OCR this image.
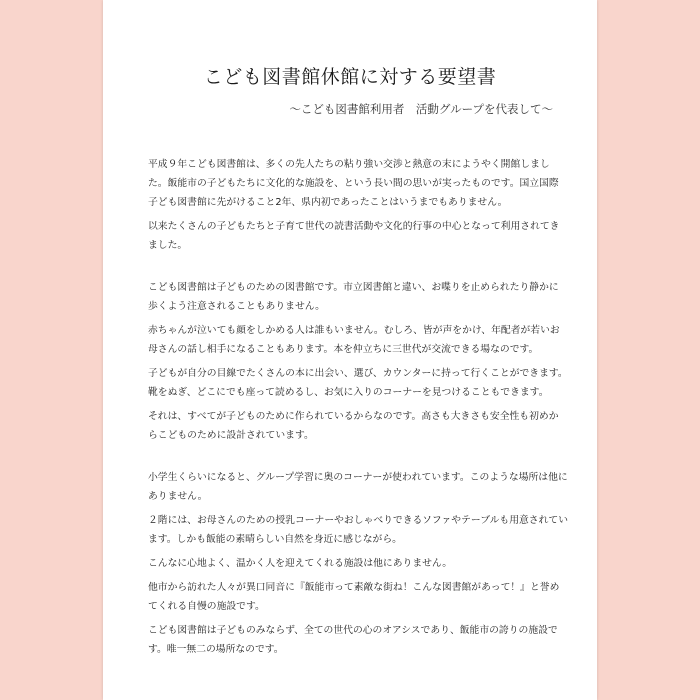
こども図書館休館に対する要望書

～こども図書館利用者　活動グループを代表して～

平成９年こども図書館は、多くの先人たちの粘り強い交渉と熱意の末にようやく開館しました。飯能市の子どもたちに文化的な施設を、という長い間の思いが実ったものです。国立国際子ども図書館に先がけること2年、県内初であったことはいうまでもありません。

以来たくさんの子どもたちと子育て世代の読書活動や文化的行事の中心となって利用されてきました。

こども図書館は子どものための図書館です。市立図書館と違い、お喋りを止められたり静かに歩くよう注意されることもありません。

赤ちゃんが泣いても顔をしかめる人は誰もいません。むしろ、皆が声をかけ、年配者が若いお母さんの話し相手になることもあります。本を仲立ちに三世代が交流できる場なのです。

子どもが自分の目線でたくさんの本に出会い、選び、カウンターに持って行くことができます。靴をぬぎ、どこにでも座って読めるし、お気に入りのコーナーを見つけることもできます。

それは、すべてが子どものために作られているからなのです。高さも大きさも安全性も初めからこどものために設計されています。

小学生くらいになると、グループ学習に奥のコーナーが使われています。このような場所は他にありません。

２階には、お母さんのための授乳コーナーやおしゃべりできるソファやテーブルも用意されています。しかも飯能の素晴らしい自然を身近に感じながら。

こんなに心地よく、温かく人を迎えてくれる施設は他にありません。

他市から訪れた人々が異口同音に『飯能市って素敵な街ね！こんな図書館があって！』と誉めてくれる自慢の施設です。

こども図書館は子どものみならず、全ての世代の心のオアシスであり、飯能市の誇りの施設です。唯一無二の場所なのです。
